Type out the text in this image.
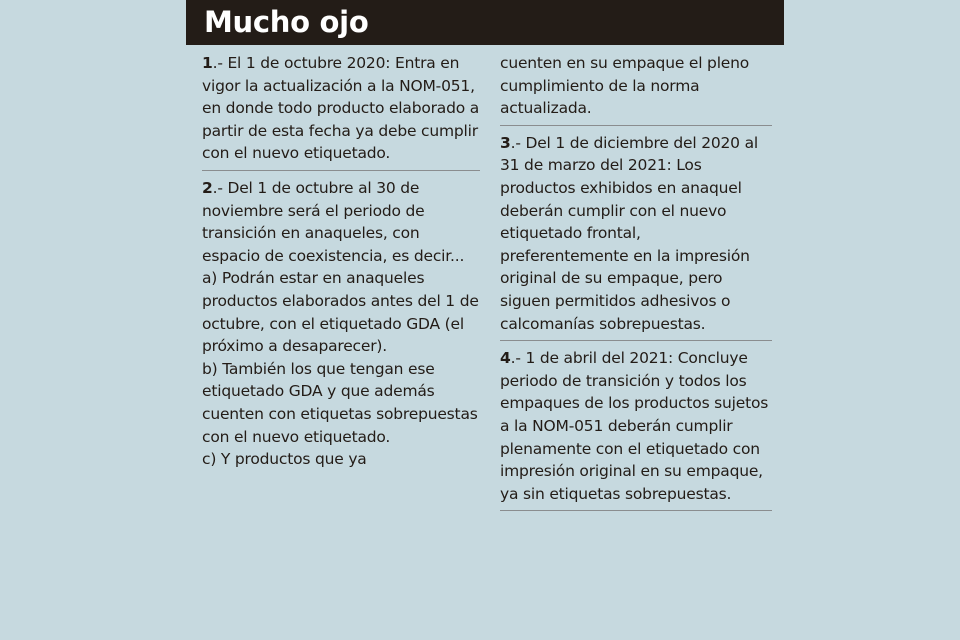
Mucho ojo

1.- El 1 de octubre 2020: Entra en vigor la actualización a la NOM-051, en donde todo producto elaborado a partir de esta fecha ya debe cumplir con el nuevo etiquetado.

2.- Del 1 de octubre al 30 de noviembre será el periodo de transición en anaqueles, con espacio de coexistencia, es decir...

a) Podrán estar en anaqueles productos elaborados antes del 1 de octubre, con el etiquetado GDA (el próximo a desaparecer).

b) También los que tengan ese etiquetado GDA y que además cuenten con etiquetas sobrepuestas con el nuevo etiquetado.

c) Y productos que ya

cuenten en su empaque el pleno cumplimiento de la norma actualizada.

3.- Del 1 de diciembre del 2020 al 31 de marzo del 2021: Los productos exhibidos en anaquel deberán cumplir con el nuevo etiquetado frontal, preferentemente en la impresión original de su empaque, pero siguen permitidos adhesivos o calcomanías sobrepuestas.

4.- 1 de abril del 2021: Concluye periodo de transición y todos los empaques de los productos sujetos a la NOM-051 deberán cumplir plenamente con el etiquetado con impresión original en su empaque, ya sin etiquetas sobrepuestas.
